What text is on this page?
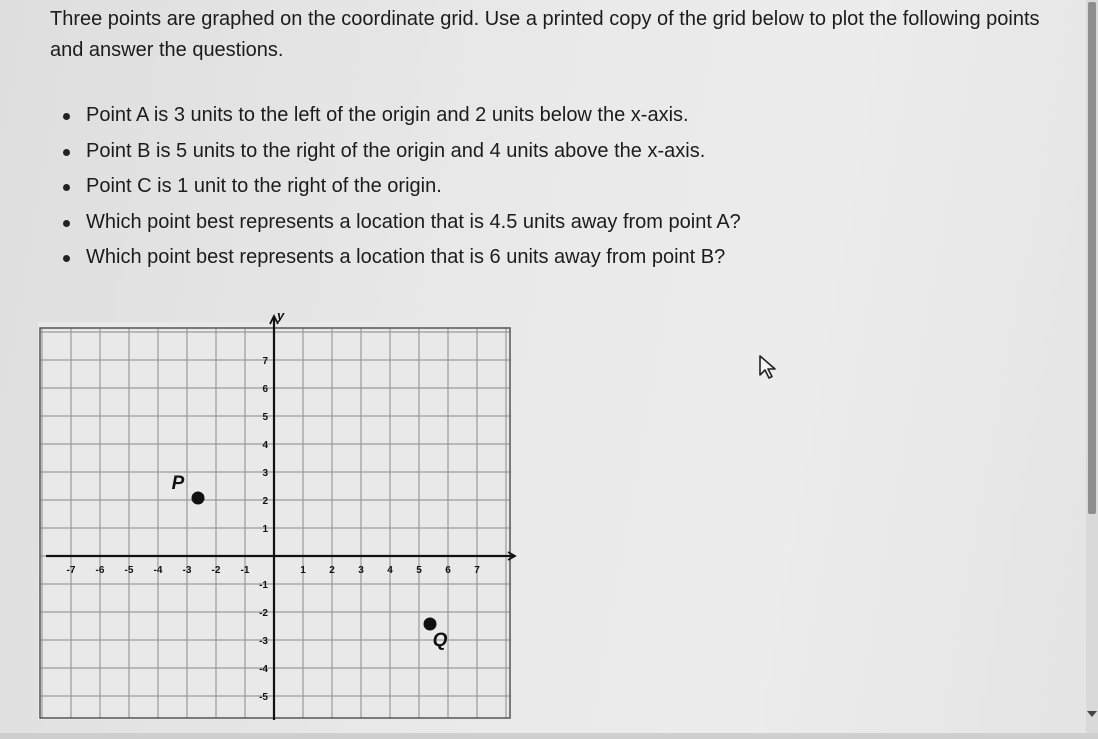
Three points are graphed on the coordinate grid. Use a printed copy of the grid below to plot the following points and answer the questions.

Point A is 3 units to the left of the origin and 2 units below the x-axis.
Point B is 5 units to the right of the origin and 4 units above the x-axis.
Point C is 1 unit to the right of the origin.
Which point best represents a location that is 4.5 units away from point A?
Which point best represents a location that is 6 units away from point B?
y
-7 -6 -5 -4 -3 -2 -1	1 2 3 4 5 6 7
7
6
5
4
3
2
1
-1
-2
-3
-4
-5
P
Q
